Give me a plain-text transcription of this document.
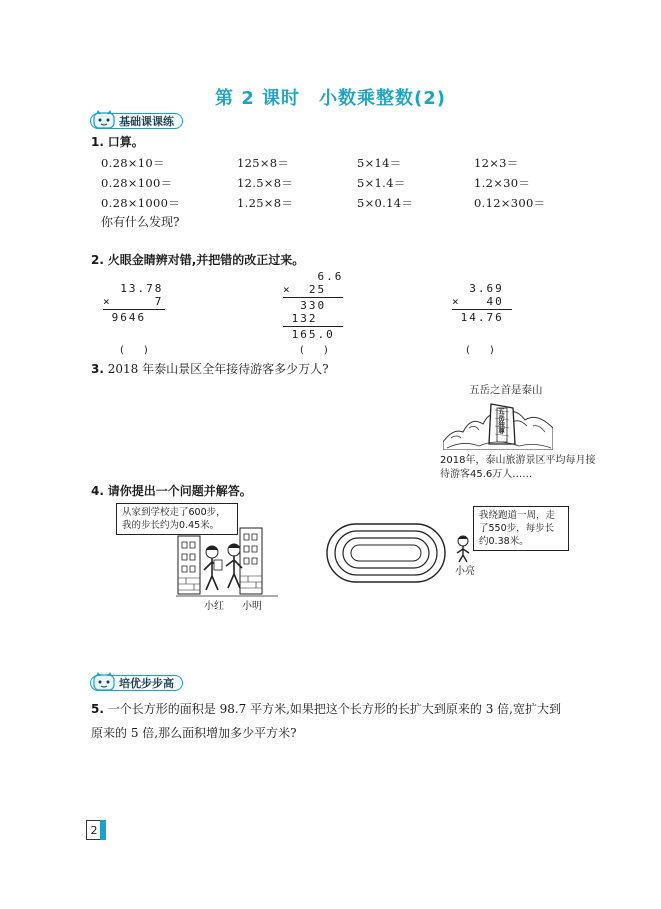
第 2 课时　小数乘整数(2)
基础课课练
1. 口算。
0.28×10＝	125×8＝	5×14＝	12×3＝
0.28×100＝	12.5×8＝	5×1.4＝	1.2×30＝
0.28×1000＝	1.25×8＝	5×0.14＝	0.12×300＝
你有什么发现?
2. 火眼金睛辨对错,并把错的改正过来。
13.78
×     7
9646
(　　)
6.6
×  25
330
132
165.0
(　　)
3.69
×   40
14.76
(　　)
3. 2018 年泰山景区全年接待游客多少万人?
五岳之首是泰山
五岳独尊
2018年，泰山旅游景区平均每月接待游客45.6万人……
4. 请你提出一个问题并解答。
从家到学校走了600步，我的步长约为0.45米。
小红 小明
我绕跑道一周，走了550步，每步长约0.38米。
小亮
培优步步高
5. 一个长方形的面积是 98.7 平方米,如果把这个长方形的长扩大到原来的 3 倍,宽扩大到原来的 5 倍,那么面积增加多少平方米?
2
